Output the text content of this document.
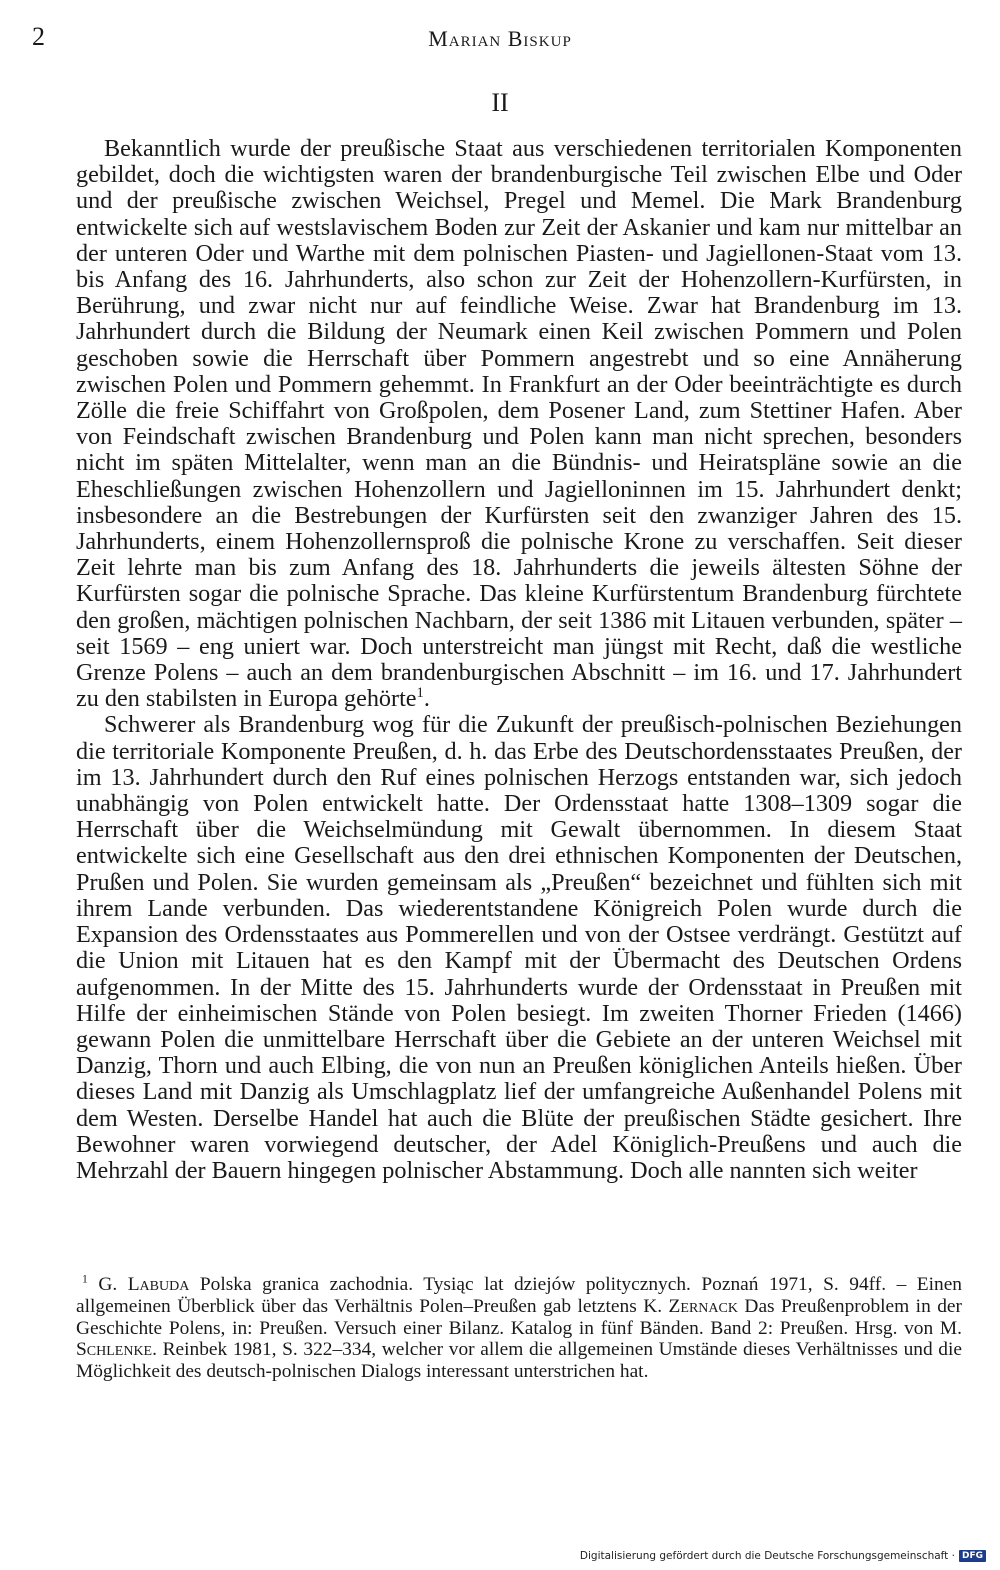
2	Marian Biskup
II

Bekanntlich wurde der preußische Staat aus verschiedenen territorialen Komponenten gebildet, doch die wichtigsten waren der brandenburgische Teil zwischen Elbe und Oder und der preußische zwischen Weichsel, Pregel und Memel. Die Mark Brandenburg entwickelte sich auf westslavischem Boden zur Zeit der Askanier und kam nur mittelbar an der unteren Oder und Warthe mit dem polnischen Piasten- und Jagiellonen-Staat vom 13. bis Anfang des 16. Jahrhunderts, also schon zur Zeit der Hohenzollern-Kurfürsten, in Berührung, und zwar nicht nur auf feindliche Weise. Zwar hat Brandenburg im 13. Jahrhundert durch die Bildung der Neumark einen Keil zwischen Pommern und Polen geschoben sowie die Herrschaft über Pommern angestrebt und so eine Annäherung zwischen Polen und Pommern gehemmt. In Frankfurt an der Oder beeinträchtigte es durch Zölle die freie Schiffahrt von Großpolen, dem Posener Land, zum Stettiner Hafen. Aber von Feindschaft zwischen Brandenburg und Polen kann man nicht sprechen, besonders nicht im späten Mittelalter, wenn man an die Bündnis- und Heiratspläne sowie an die Eheschließungen zwischen Hohenzollern und Jagielloninnen im 15. Jahrhundert denkt; insbesondere an die Bestrebungen der Kurfürsten seit den zwanziger Jahren des 15. Jahrhunderts, einem Hohenzollernsproß die polnische Krone zu verschaffen. Seit dieser Zeit lehrte man bis zum Anfang des 18. Jahrhunderts die jeweils ältesten Söhne der Kurfürsten sogar die polnische Sprache. Das kleine Kurfürstentum Brandenburg fürchtete den großen, mächtigen polnischen Nachbarn, der seit 1386 mit Litauen verbunden, später – seit 1569 – eng uniert war. Doch unterstreicht man jüngst mit Recht, daß die westliche Grenze Polens – auch an dem brandenburgischen Abschnitt – im 16. und 17. Jahrhundert zu den stabilsten in Europa gehörte$^1$.

Schwerer als Brandenburg wog für die Zukunft der preußisch-polnischen Beziehungen die territoriale Komponente Preußen, d. h. das Erbe des Deutschordensstaates Preußen, der im 13. Jahrhundert durch den Ruf eines polnischen Herzogs entstanden war, sich jedoch unabhängig von Polen entwickelt hatte. Der Ordensstaat hatte 1308–1309 sogar die Herrschaft über die Weichselmündung mit Gewalt übernommen. In diesem Staat entwickelte sich eine Gesellschaft aus den drei ethnischen Komponenten der Deutschen, Prußen und Polen. Sie wurden gemeinsam als „Preußen“ bezeichnet und fühlten sich mit ihrem Lande verbunden. Das wiederentstandene Königreich Polen wurde durch die Expansion des Ordensstaates aus Pommerellen und von der Ostsee verdrängt. Gestützt auf die Union mit Litauen hat es den Kampf mit der Übermacht des Deutschen Ordens aufgenommen. In der Mitte des 15. Jahrhunderts wurde der Ordensstaat in Preußen mit Hilfe der einheimischen Stände von Polen besiegt. Im zweiten Thorner Frieden (1466) gewann Polen die unmittelbare Herrschaft über die Gebiete an der unteren Weichsel mit Danzig, Thorn und auch Elbing, die von nun an Preußen königlichen Anteils hießen. Über dieses Land mit Danzig als Umschlagplatz lief der umfangreiche Außenhandel Polens mit dem Westen. Derselbe Handel hat auch die Blüte der preußischen Städte gesichert. Ihre Bewohner waren vorwiegend deutscher, der Adel Königlich-Preußens und auch die Mehrzahl der Bauern hingegen polnischer Abstammung. Doch alle nannten sich weiter

$^1$ G. Labuda Polska granica zachodnia. Tysiąc lat dziejów politycznych. Poznań 1971, S. 94ff. – Einen allgemeinen Überblick über das Verhältnis Polen–Preußen gab letztens K. Zernack Das Preußenproblem in der Geschichte Polens, in: Preußen. Versuch einer Bilanz. Katalog in fünf Bänden. Band 2: Preußen. Hrsg. von M. Schlenke. Reinbek 1981, S. 322–334, welcher vor allem die allgemeinen Umstände dieses Verhältnisses und die Möglichkeit des deutsch-polnischen Dialogs interessant unterstrichen hat.

Digitalisierung gefördert durch die Deutsche Forschungsgemeinschaft · DFG
